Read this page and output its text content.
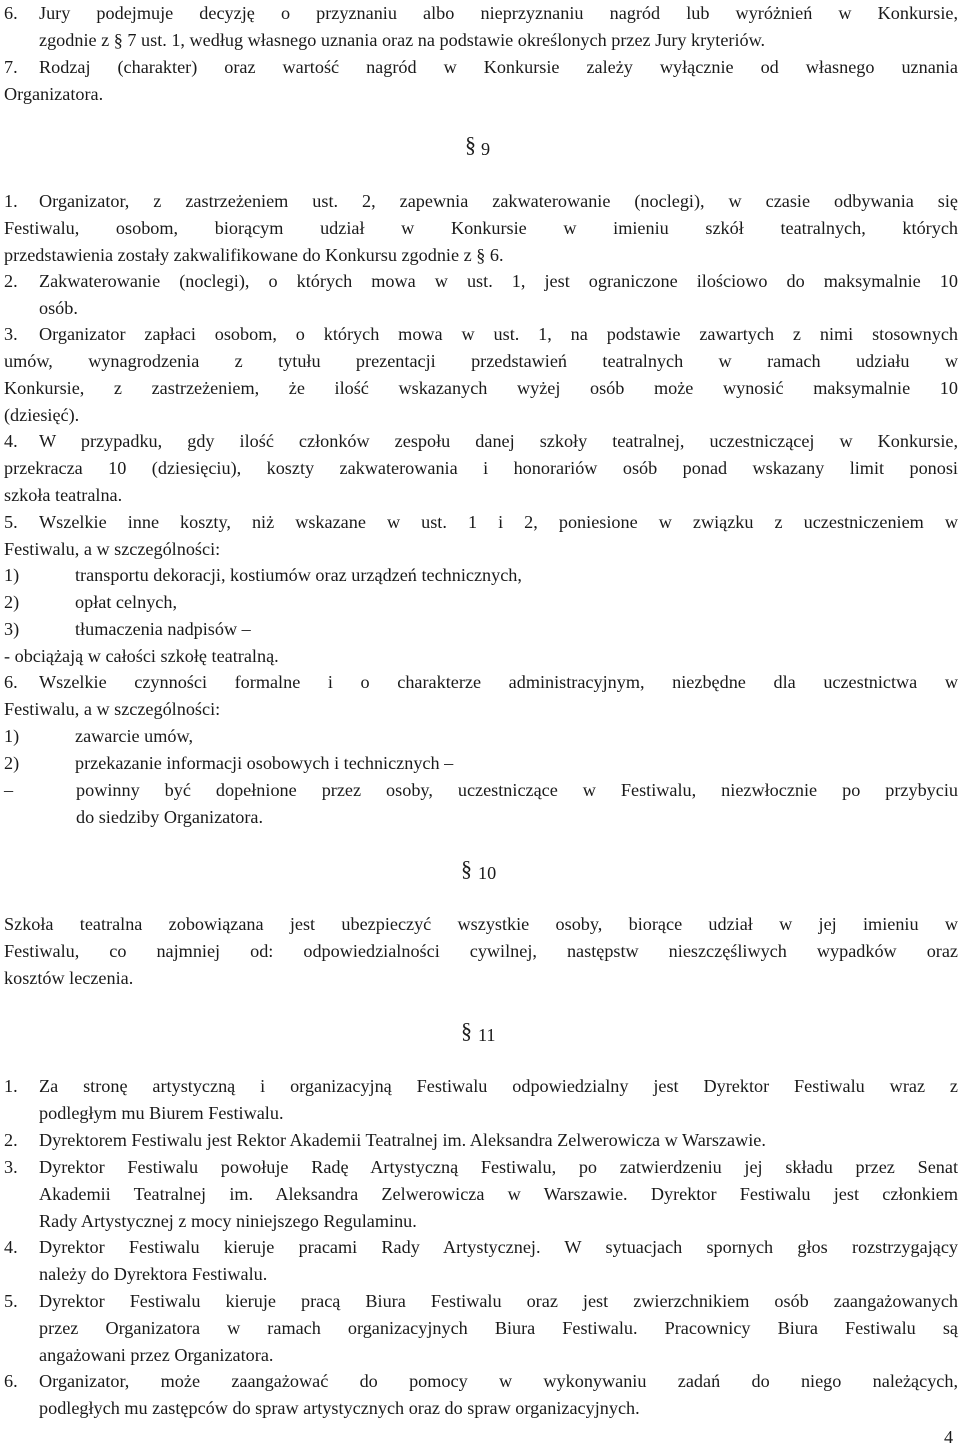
6. Jury podejmuje decyzję o przyznaniu albo nieprzyznaniu nagród lub wyróżnień w Konkursie,
zgodnie z § 7 ust. 1, według własnego uznania oraz na podstawie określonych przez Jury kryteriów.
7. Rodzaj (charakter) oraz wartość nagród w Konkursie zależy wyłącznie od własnego uznania
Organizatora.
§ 9
1. Organizator, z zastrzeżeniem ust. 2, zapewnia zakwaterowanie (noclegi), w czasie odbywania się
Festiwalu, osobom, biorącym udział w Konkursie w imieniu szkół teatralnych, których
przedstawienia zostały zakwalifikowane do Konkursu zgodnie z § 6.
2. Zakwaterowanie (noclegi), o których mowa w ust. 1, jest ograniczone ilościowo do maksymalnie 10
osób.
3. Organizator zapłaci osobom, o których mowa w ust. 1, na podstawie zawartych z nimi stosownych
umów, wynagrodzenia z tytułu prezentacji przedstawień teatralnych w ramach udziału w
Konkursie, z zastrzeżeniem, że ilość wskazanych wyżej osób może wynosić maksymalnie 10
(dziesięć).
4. W przypadku, gdy ilość członków zespołu danej szkoły teatralnej, uczestniczącej w Konkursie,
przekracza 10 (dziesięciu), koszty zakwaterowania i honorariów osób ponad wskazany limit ponosi
szkoła teatralna.
5. Wszelkie inne koszty, niż wskazane w ust. 1 i 2, poniesione w związku z uczestniczeniem w
Festiwalu, a w szczególności:
1)	transportu dekoracji, kostiumów oraz urządzeń technicznych,
2)	opłat celnych,
3)	tłumaczenia nadpisów –
- obciążają w całości szkołę teatralną.
6. Wszelkie czynności formalne i o charakterze administracyjnym, niezbędne dla uczestnictwa w
Festiwalu, a w szczególności:
1)	zawarcie umów,
2)	przekazanie informacji osobowych i technicznych –
–	powinny być dopełnione przez osoby, uczestniczące w Festiwalu, niezwłocznie po przybyciu
do siedziby Organizatora.
§ 10
Szkoła teatralna zobowiązana jest ubezpieczyć wszystkie osoby, biorące udział w jej imieniu w
Festiwalu, co najmniej od: odpowiedzialności cywilnej, następstw nieszczęśliwych wypadków oraz
kosztów leczenia.
§ 11
1. Za stronę artystyczną i organizacyjną Festiwalu odpowiedzialny jest Dyrektor Festiwalu wraz z
podległym mu Biurem Festiwalu.
2. Dyrektorem Festiwalu jest Rektor Akademii Teatralnej im. Aleksandra Zelwerowicza w Warszawie.
3. Dyrektor Festiwalu powołuje Radę Artystyczną Festiwalu, po zatwierdzeniu jej składu przez Senat
Akademii Teatralnej im. Aleksandra Zelwerowicza w Warszawie. Dyrektor Festiwalu jest członkiem
Rady Artystycznej z mocy niniejszego Regulaminu.
4. Dyrektor Festiwalu kieruje pracami Rady Artystycznej. W sytuacjach spornych głos rozstrzygający
należy do Dyrektora Festiwalu.
5. Dyrektor Festiwalu kieruje pracą Biura Festiwalu oraz jest zwierzchnikiem osób zaangażowanych
przez Organizatora w ramach organizacyjnych Biura Festiwalu. Pracownicy Biura Festiwalu są
angażowani przez Organizatora.
6. Organizator, może zaangażować do pomocy w wykonywaniu zadań do niego należących,
podległych mu zastępców do spraw artystycznych oraz do spraw organizacyjnych.
4
